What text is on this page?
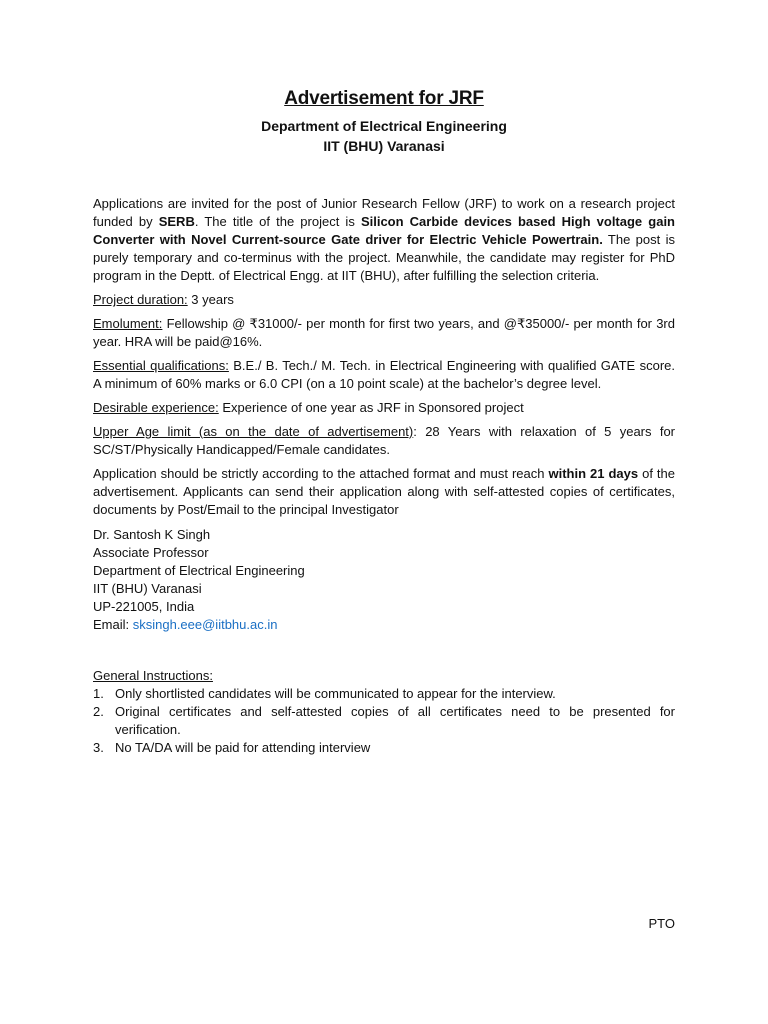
Advertisement for JRF
Department of Electrical Engineering
IIT (BHU) Varanasi

Applications are invited for the post of Junior Research Fellow (JRF) to work on a research project funded by SERB. The title of the project is Silicon Carbide devices based High voltage gain Converter with Novel Current-source Gate driver for Electric Vehicle Powertrain. The post is purely temporary and co-terminus with the project. Meanwhile, the candidate may register for PhD program in the Deptt. of Electrical Engg. at IIT (BHU), after fulfilling the selection criteria.

Project duration: 3 years

Emolument: Fellowship @ ₹31000/- per month for first two years, and @₹35000/- per month for 3rd year. HRA will be paid@16%.

Essential qualifications: B.E./ B. Tech./ M. Tech. in Electrical Engineering with qualified GATE score. A minimum of 60% marks or 6.0 CPI (on a 10 point scale) at the bachelor’s degree level.

Desirable experience: Experience of one year as JRF in Sponsored project

Upper Age limit (as on the date of advertisement): 28 Years with relaxation of 5 years for SC/ST/Physically Handicapped/Female candidates.

Application should be strictly according to the attached format and must reach within 21 days of the advertisement. Applicants can send their application along with self-attested copies of certificates, documents by Post/Email to the principal Investigator

Dr. Santosh K Singh
Associate Professor
Department of Electrical Engineering
IIT (BHU) Varanasi
UP-221005, India
Email: sksingh.eee@iitbhu.ac.in
General Instructions:
1. Only shortlisted candidates will be communicated to appear for the interview.
2. Original certificates and self-attested copies of all certificates need to be presented for verification.
3. No TA/DA will be paid for attending interview
PTO
